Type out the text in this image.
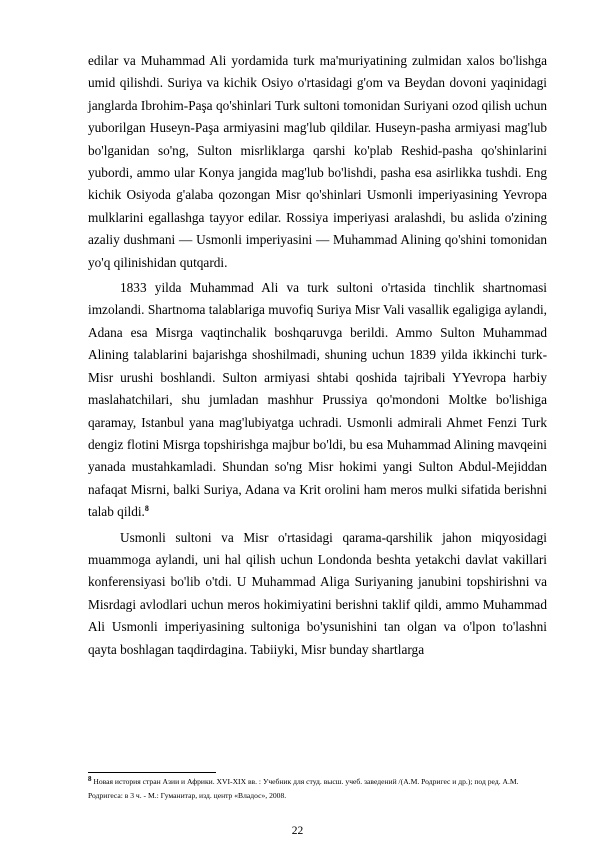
edilar va Muhammad Ali yordamida turk ma'muriyatining zulmidan xalos bo'lishga umid qilishdi. Suriya va kichik Osiyo o'rtasidagi g'om va Beydan dovoni yaqinidagi janglarda Ibrohim-Paşa qo'shinlari Turk sultoni tomonidan Suriyani ozod qilish uchun yuborilgan Huseyn-Paşa armiyasini mag'lub qildilar. Huseyn-pasha armiyasi mag'lub bo'lganidan so'ng, Sulton misrliklarga qarshi ko'plab Reshid-pasha qo'shinlarini yubordi, ammo ular Konya jangida mag'lub bo'lishdi, pasha esa asirlikka tushdi. Eng kichik Osiyoda g'alaba qozongan Misr qo'shinlari Usmonli imperiyasining Yevropa mulklarini egallashga tayyor edilar. Rossiya imperiyasi aralashdi, bu aslida o'zining azaliy dushmani — Usmonli imperiyasini — Muhammad Alining qo'shini tomonidan yo'q qilinishidan qutqardi.

1833 yilda Muhammad Ali va turk sultoni o'rtasida tinchlik shartnomasi imzolandi. Shartnoma talablariga muvofiq Suriya Misr Vali vasallik egaligiga aylandi, Adana esa Misrga vaqtinchalik boshqaruvga berildi. Ammo Sulton Muhammad Alining talablarini bajarishga shoshilmadi, shuning uchun 1839 yilda ikkinchi turk-Misr urushi boshlandi. Sulton armiyasi shtabi qoshida tajribali YYevropa harbiy maslahatchilari, shu jumladan mashhur Prussiya qo'mondoni Moltke bo'lishiga qaramay, Istanbul yana mag'lubiyatga uchradi. Usmonli admirali Ahmet Fenzi Turk dengiz flotini Misrga topshirishga majbur bo'ldi, bu esa Muhammad Alining mavqeini yanada mustahkamladi. Shundan so'ng Misr hokimi yangi Sulton Abdul-Mejiddan nafaqat Misrni, balki Suriya, Adana va Krit orolini ham meros mulki sifatida berishni talab qildi.$^8$

Usmonli sultoni va Misr o'rtasidagi qarama-qarshilik jahon miqyosidagi muammoga aylandi, uni hal qilish uchun Londonda beshta yetakchi davlat vakillari konferensiyasi bo'lib o'tdi. U Muhammad Aliga Suriyaning janubini topshirishni va Misrdagi avlodlari uchun meros hokimiyatini berishni taklif qildi, ammo Muhammad Ali Usmonli imperiyasining sultoniga bo'ysunishini tan olgan va o'lpon to'lashni qayta boshlagan taqdirdagina. Tabiiyki, Misr bunday shartlarga

$^8$ Новая история стран Азии и Африки. XVI-XIX вв. : Учебник для студ. высш. учеб. заведений /(А.М. Родригес и др.); под ред. А.М. Родригеса: в 3 ч. - М.: Гуманитар, изд. центр «Владос», 2008.

22
